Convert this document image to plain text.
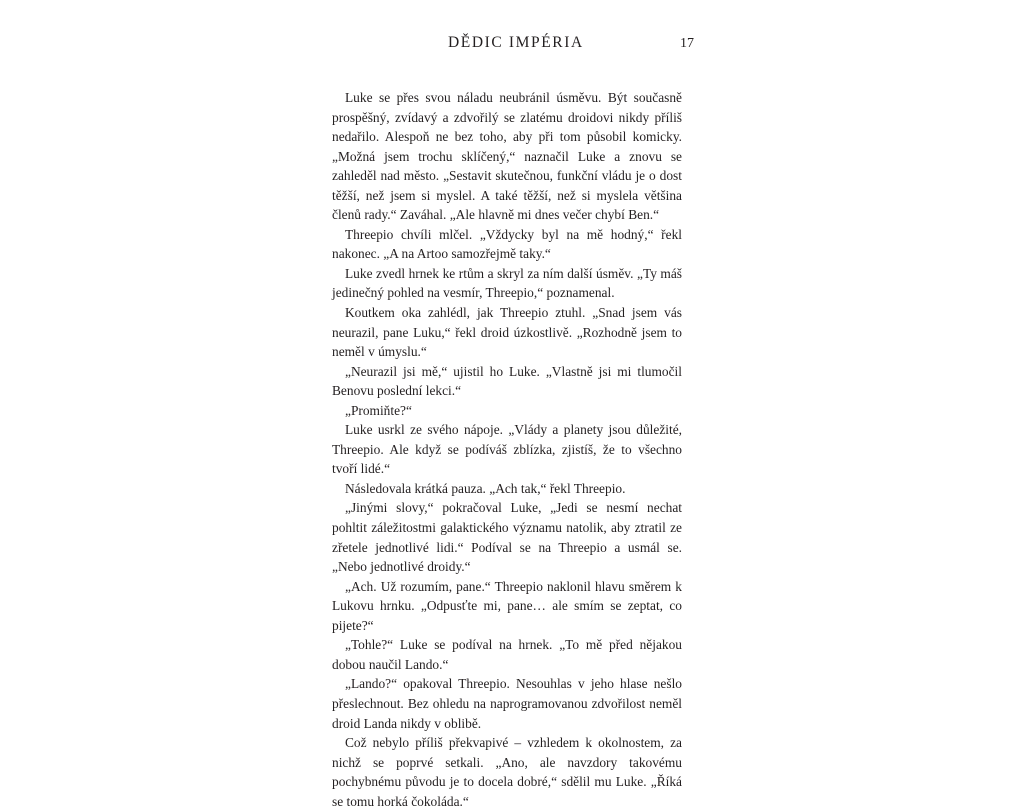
DĚDIC IMPÉRIA	17

Luke se přes svou náladu neubránil úsměvu. Být současně prospěšný, zvídavý a zdvořilý se zlatému droidovi nikdy příliš nedařilo. Alespoň ne bez toho, aby při tom působil komicky. „Možná jsem trochu sklíčený,“ naznačil Luke a znovu se zahleděl nad město. „Sestavit skutečnou, funkční vládu je o dost těžší, než jsem si myslel. A také těžší, než si myslela většina členů rady.“ Zaváhal. „Ale hlavně mi dnes večer chybí Ben.“

Threepio chvíli mlčel. „Vždycky byl na mě hodný,“ řekl nakonec. „A na Artoo samozřejmě taky.“

Luke zvedl hrnek ke rtům a skryl za ním další úsměv. „Ty máš jedinečný pohled na vesmír, Threepio,“ poznamenal.

Koutkem oka zahlédl, jak Threepio ztuhl. „Snad jsem vás neurazil, pane Luku,“ řekl droid úzkostlivě. „Rozhodně jsem to neměl v úmyslu.“

„Neurazil jsi mě,“ ujistil ho Luke. „Vlastně jsi mi tlumočil Benovu poslední lekci.“

„Promiňte?“

Luke usrkl ze svého nápoje. „Vlády a planety jsou důležité, Threepio. Ale když se podíváš zblízka, zjistíš, že to všechno tvoří lidé.“

Následovala krátká pauza. „Ach tak,“ řekl Threepio.

„Jinými slovy,“ pokračoval Luke, „Jedi se nesmí nechat pohltit záležitostmi galaktického významu natolik, aby ztratil ze zřetele jednotlivé lidi.“ Podíval se na Threepio a usmál se. „Nebo jednotlivé droidy.“

„Ach. Už rozumím, pane.“ Threepio naklonil hlavu směrem k Lukovu hrnku. „Odpusťte mi, pane… ale smím se zeptat, co pijete?“

„Tohle?“ Luke se podíval na hrnek. „To mě před nějakou dobou naučil Lando.“

„Lando?“ opakoval Threepio. Nesouhlas v jeho hlase nešlo přeslechnout. Bez ohledu na naprogramovanou zdvořilost neměl droid Landa nikdy v oblibě.

Což nebylo příliš překvapivé – vzhledem k okolnostem, za nichž se poprvé setkali. „Ano, ale navzdory takovému pochybnému původu je to docela dobré,“ sdělil mu Luke. „Říká se tomu horká čokoláda.“
